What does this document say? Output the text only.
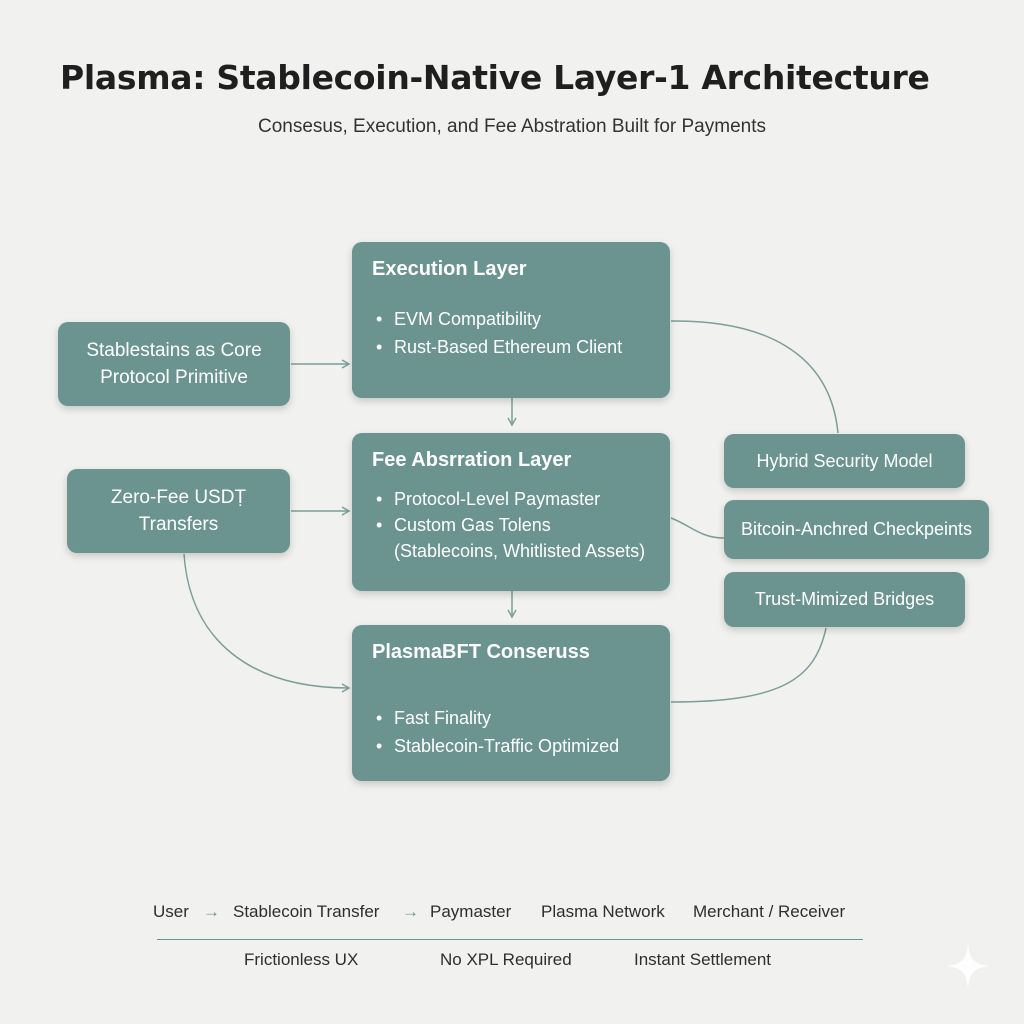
Plasma: Stablecoin-Native Layer-1 Architecture
Consesus, Execution, and Fee Abstration Built for Payments
Stablestains as Core Protocol Primitive
Zero-Fee USDṬ Transfers
Execution Layer
• EVM Compatibility
• Rust-Based Ethereum Client
Fee Absrration Layer
• Protocol-Level Paymaster
• Custom Gas Tolens (Stablecoins, Whitlisted Assets)
PlasmaBFT Conseruss
• Fast Finality
• Stablecoin-Traffic Optimized
Hybrid Security Model
Bitcoin-Anchred Checkpeints
Trust-Mimized Bridges
User → Stablecoin Transfer → Paymaster Plasma Network Merchant / Receiver
Frictionless UX	No XPL Required	Instant Settlement
